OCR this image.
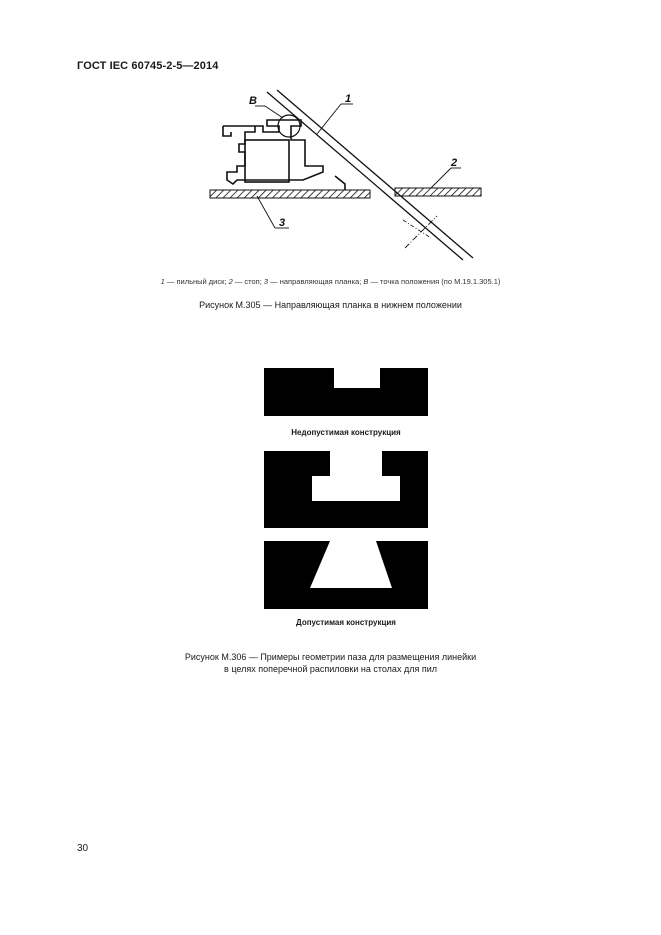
ГОСТ IEC 60745-2-5—2014
B	1
2
3
1 — пильный диск; 2 — стоп; 3 — направляющая планка; B — точка положения (по М.19.1.305.1)
Рисунок М.305 — Направляющая планка в нижнем положении
Недопустимая конструкция
Допустимая конструкция
Рисунок М.306 — Примеры геометрии паза для размещения линейки
в целях поперечной распиловки на столах для пил
30
